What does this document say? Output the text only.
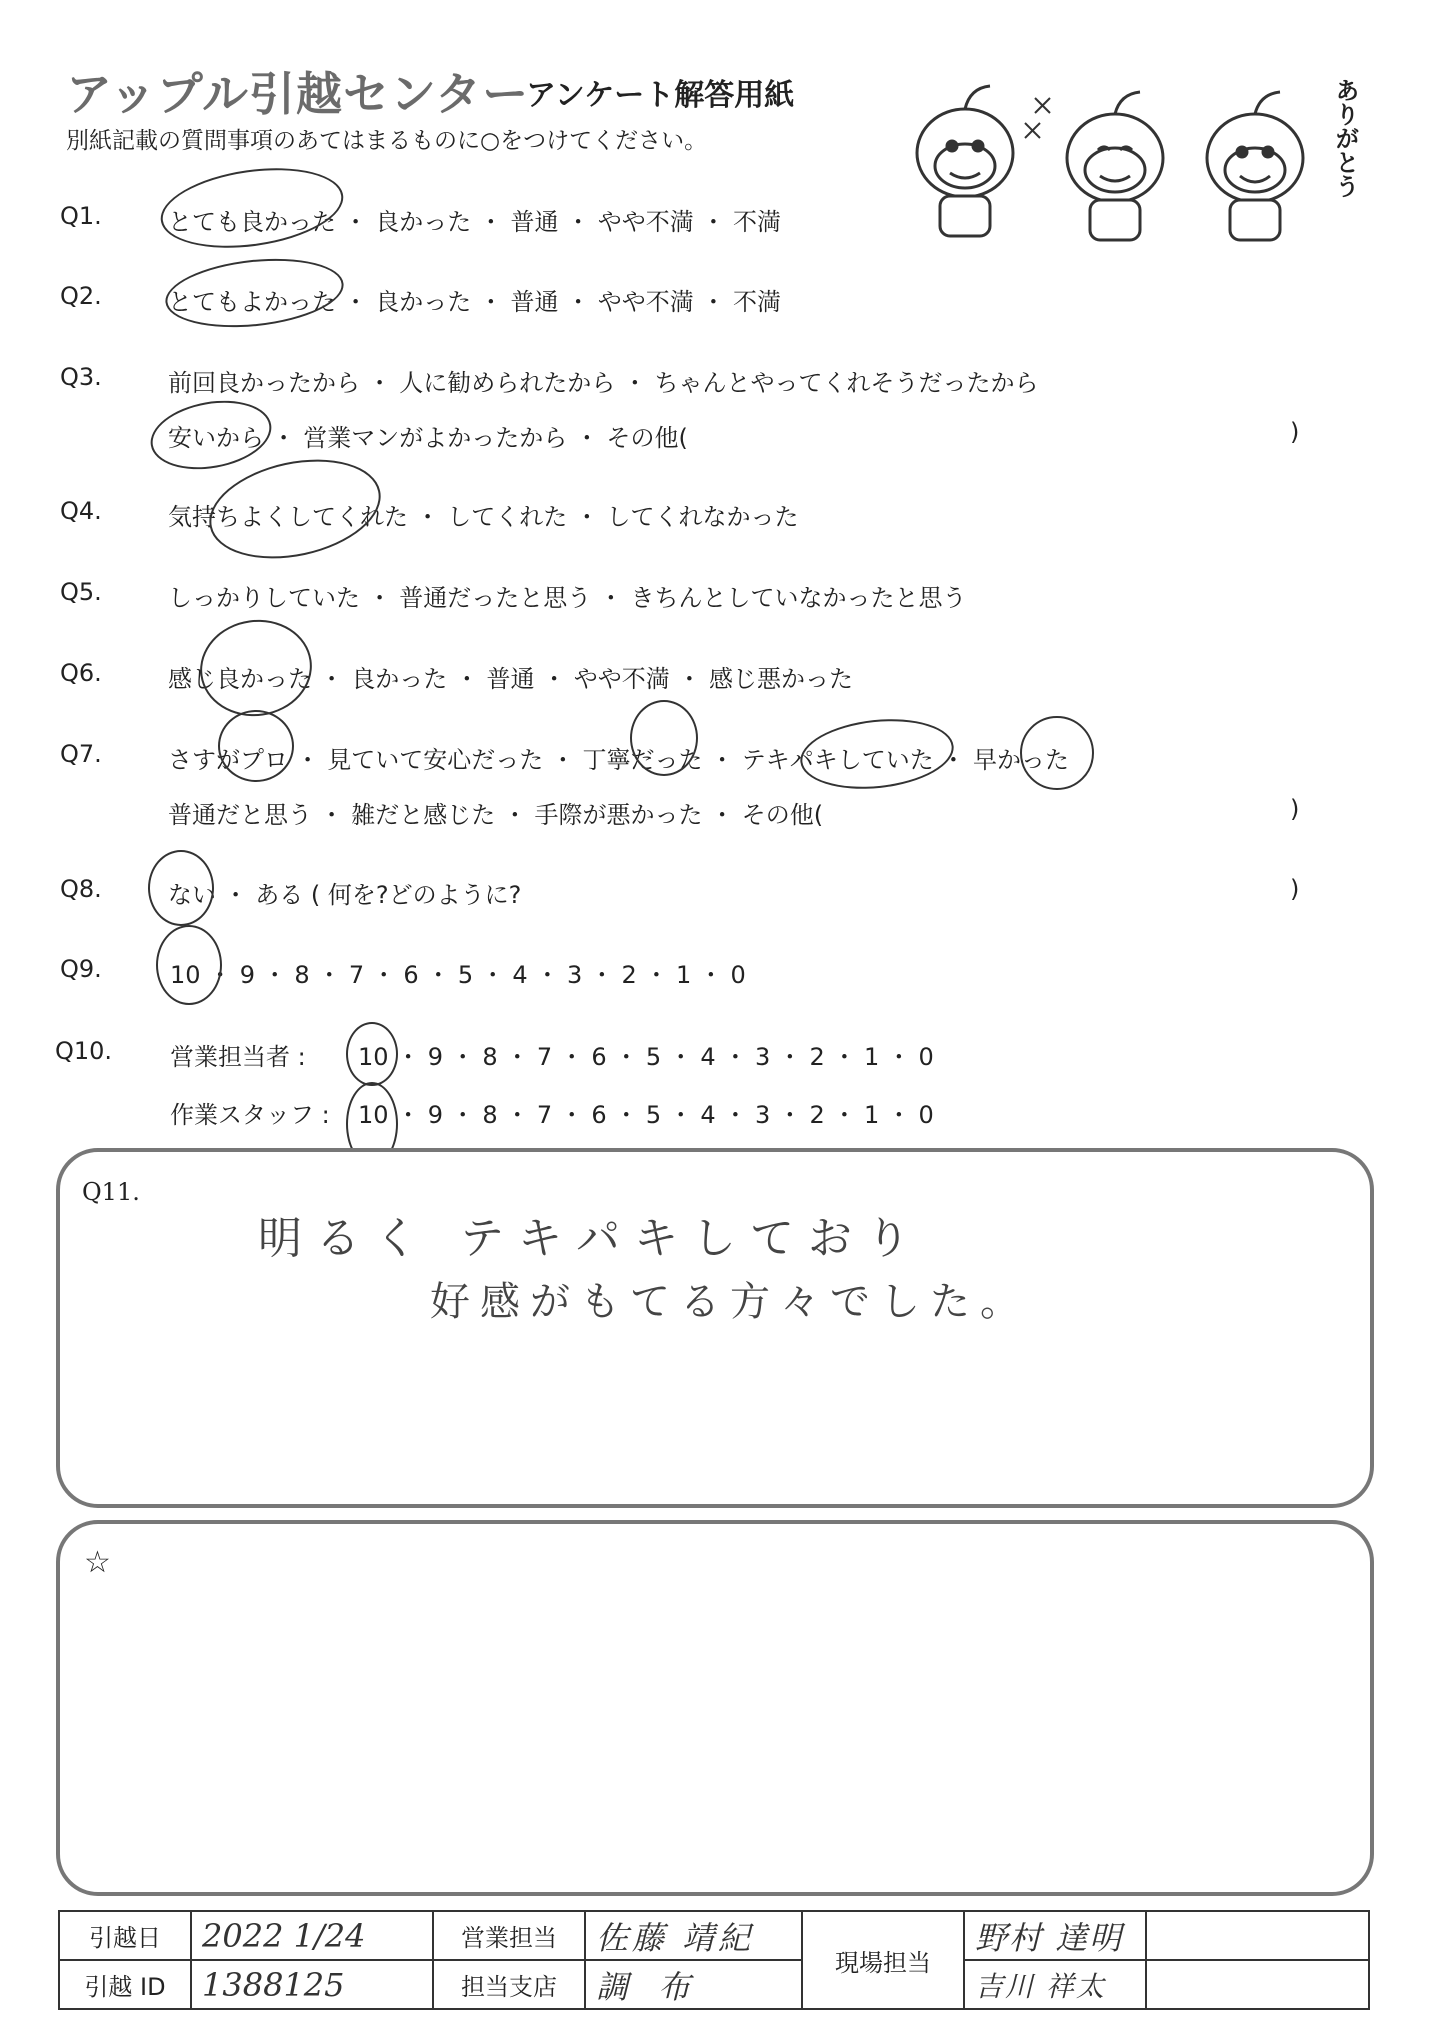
アップル引越センター
アンケート解答用紙
別紙記載の質問事項のあてはまるものに○をつけてください。	ありがとう
Q1.	とても良かった ・ 良かった ・ 普通 ・ やや不満 ・ 不満
Q2.	とてもよかった ・ 良かった ・ 普通 ・ やや不満 ・ 不満
Q3.	前回良かったから ・ 人に勧められたから ・ ちゃんとやってくれそうだったから
安いから ・ 営業マンがよかったから ・ その他(	)
Q4.	気持ちよくしてくれた ・ してくれた ・ してくれなかった
Q5.	しっかりしていた ・ 普通だったと思う ・ きちんとしていなかったと思う
Q6.	感じ良かった ・ 良かった ・ 普通 ・ やや不満 ・ 感じ悪かった
Q7.	さすがプロ ・ 見ていて安心だった ・ 丁寧だった ・ テキパキしていた ・ 早かった
普通だと思う ・ 雑だと感じた ・ 手際が悪かった ・ その他(	)
Q8.	ない ・ ある ( 何を?どのように?	)
Q9.	10 ・ 9 ・ 8 ・ 7 ・ 6 ・ 5 ・ 4 ・ 3 ・ 2 ・ 1 ・ 0
Q10. 営業担当者 : 10 ・ 9 ・ 8 ・ 7 ・ 6 ・ 5 ・ 4 ・ 3 ・ 2 ・ 1 ・ 0
作業スタッフ : 10 ・ 9 ・ 8 ・ 7 ・ 6 ・ 5 ・ 4 ・ 3 ・ 2 ・ 1 ・ 0
Q11.
明るく テキパキしており
好感がもてる方々でした。
☆
引越日	2022 1/24	営業担当	佐藤 靖紀	現場担当	野村 達明	
引越 ID	1388125	担当支店	調 布		吉川 祥太	
